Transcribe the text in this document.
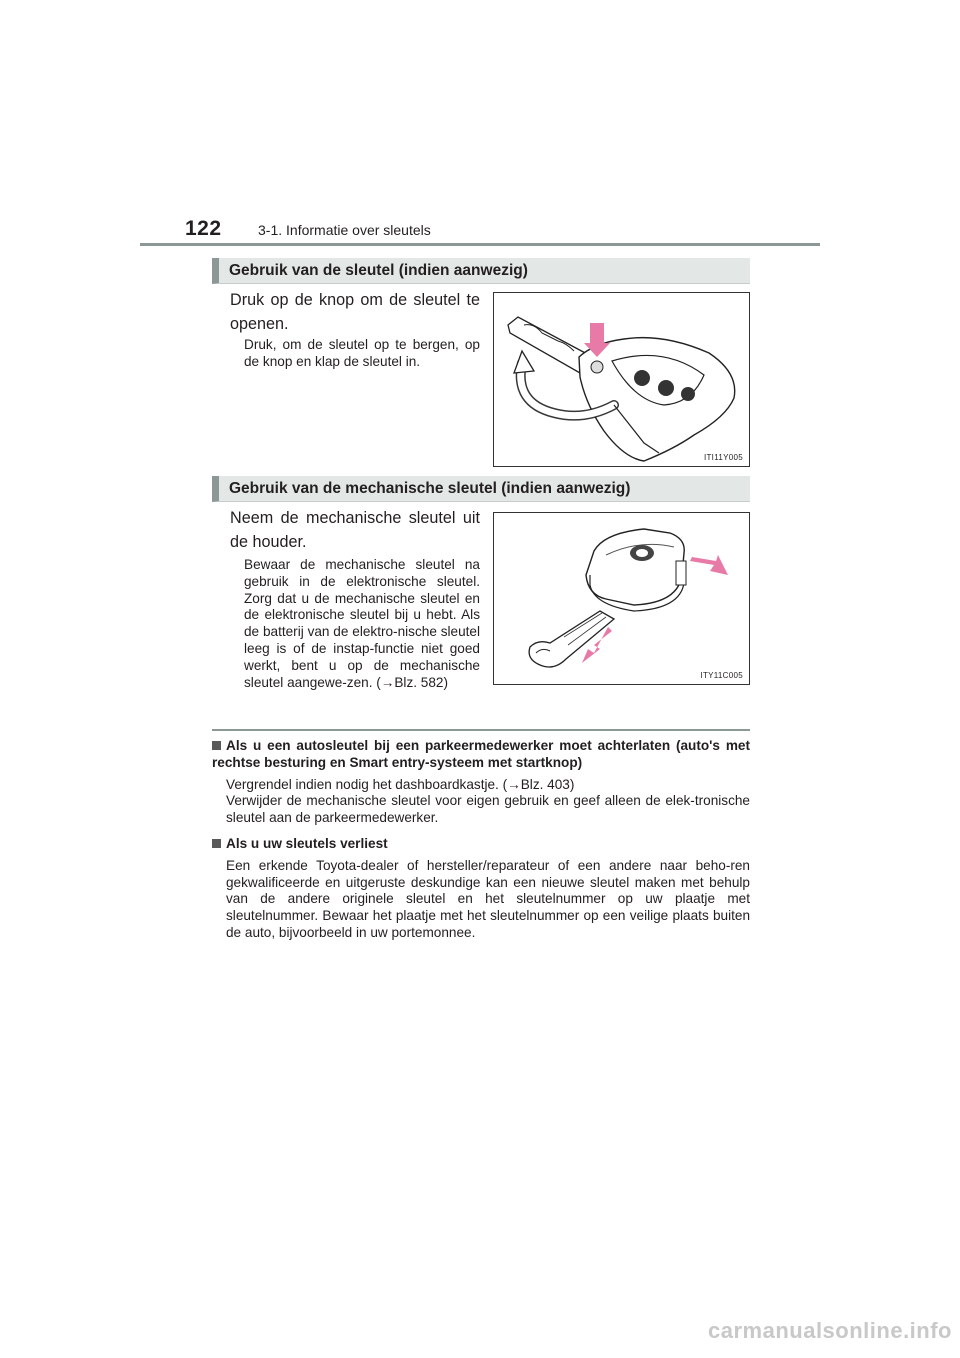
122	3-1. Informatie over sleutels
Gebruik van de sleutel (indien aanwezig)
Druk op de knop om de sleutel te openen.
Druk, om de sleutel op te bergen, op de knop en klap de sleutel in.
ITI11Y005
Gebruik van de mechanische sleutel (indien aanwezig)
Neem de mechanische sleutel uit de houder.
Bewaar de mechanische sleutel na gebruik in de elektronische sleutel. Zorg dat u de mechanische sleutel en de elektronische sleutel bij u hebt. Als de batterij van de elektro-nische sleutel leeg is of de instap-functie niet goed werkt, bent u op de mechanische sleutel aangewe-zen. (→Blz. 582)	ITY11C005
Als u een autosleutel bij een parkeermedewerker moet achterlaten (auto's met rechtse besturing en Smart entry-systeem met startknop)
Vergrendel indien nodig het dashboardkastje. (→Blz. 403)
Verwijder de mechanische sleutel voor eigen gebruik en geef alleen de elek-tronische sleutel aan de parkeermedewerker.
Als u uw sleutels verliest
Een erkende Toyota-dealer of hersteller/reparateur of een andere naar beho-ren gekwalificeerde en uitgeruste deskundige kan een nieuwe sleutel maken met behulp van de andere originele sleutel en het sleutelnummer op uw plaatje met sleutelnummer. Bewaar het plaatje met het sleutelnummer op een veilige plaats buiten de auto, bijvoorbeeld in uw portemonnee.
carmanualsonline.info
